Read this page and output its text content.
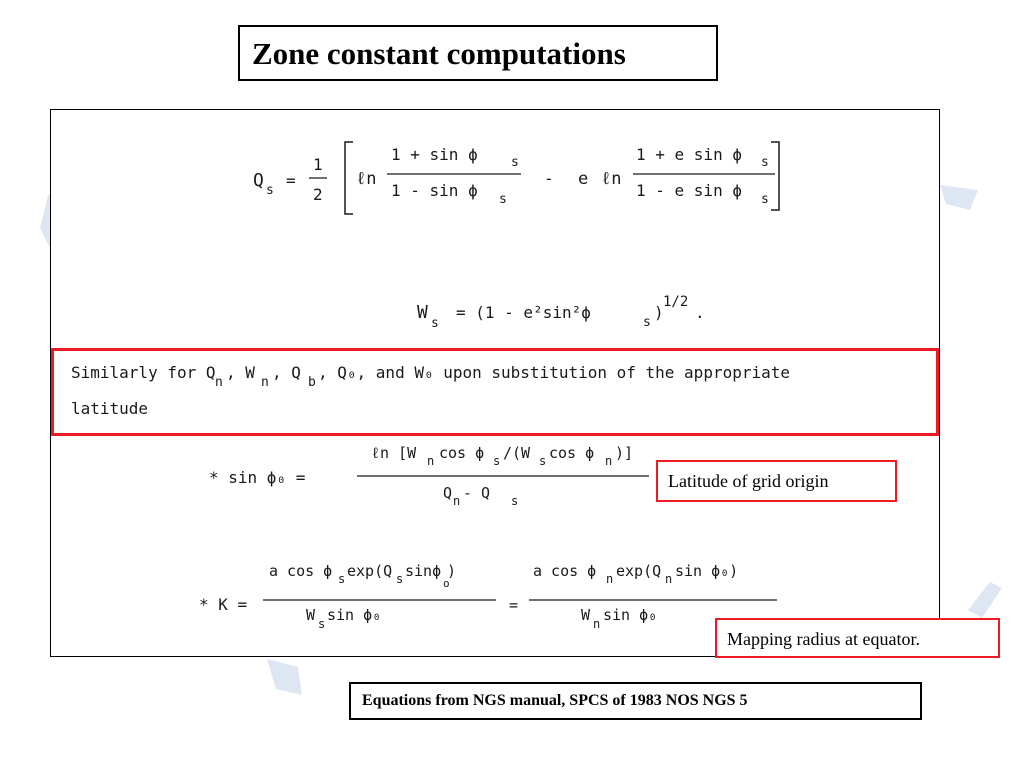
Zone constant computations
Q s
=
1
2
ℓn
1 + sin ϕ	s
1 - sin ϕ s
- e ℓn
1 + e sin ϕ s
1 - e sin ϕ s
W
s
= (1 - e²sin²ϕ
s
)
1/2
.
* sin ϕ₀ =
ℓn [W n cos ϕ s /(W s cos ϕ n )]
Q n - Q s
* K =
a cos ϕ s exp(Q s sinϕ
o
)
W s sin ϕ₀
=
a cos ϕ n exp(Q n sin ϕ₀)
W n sin ϕ₀
Similarly for Q
n
, W
n
, Q
b
, Q₀, and W₀ upon substitution of the appropriate
latitude
Latitude of grid origin
Mapping radius at equator.
Equations from NGS manual, SPCS of 1983 NOS NGS 5
